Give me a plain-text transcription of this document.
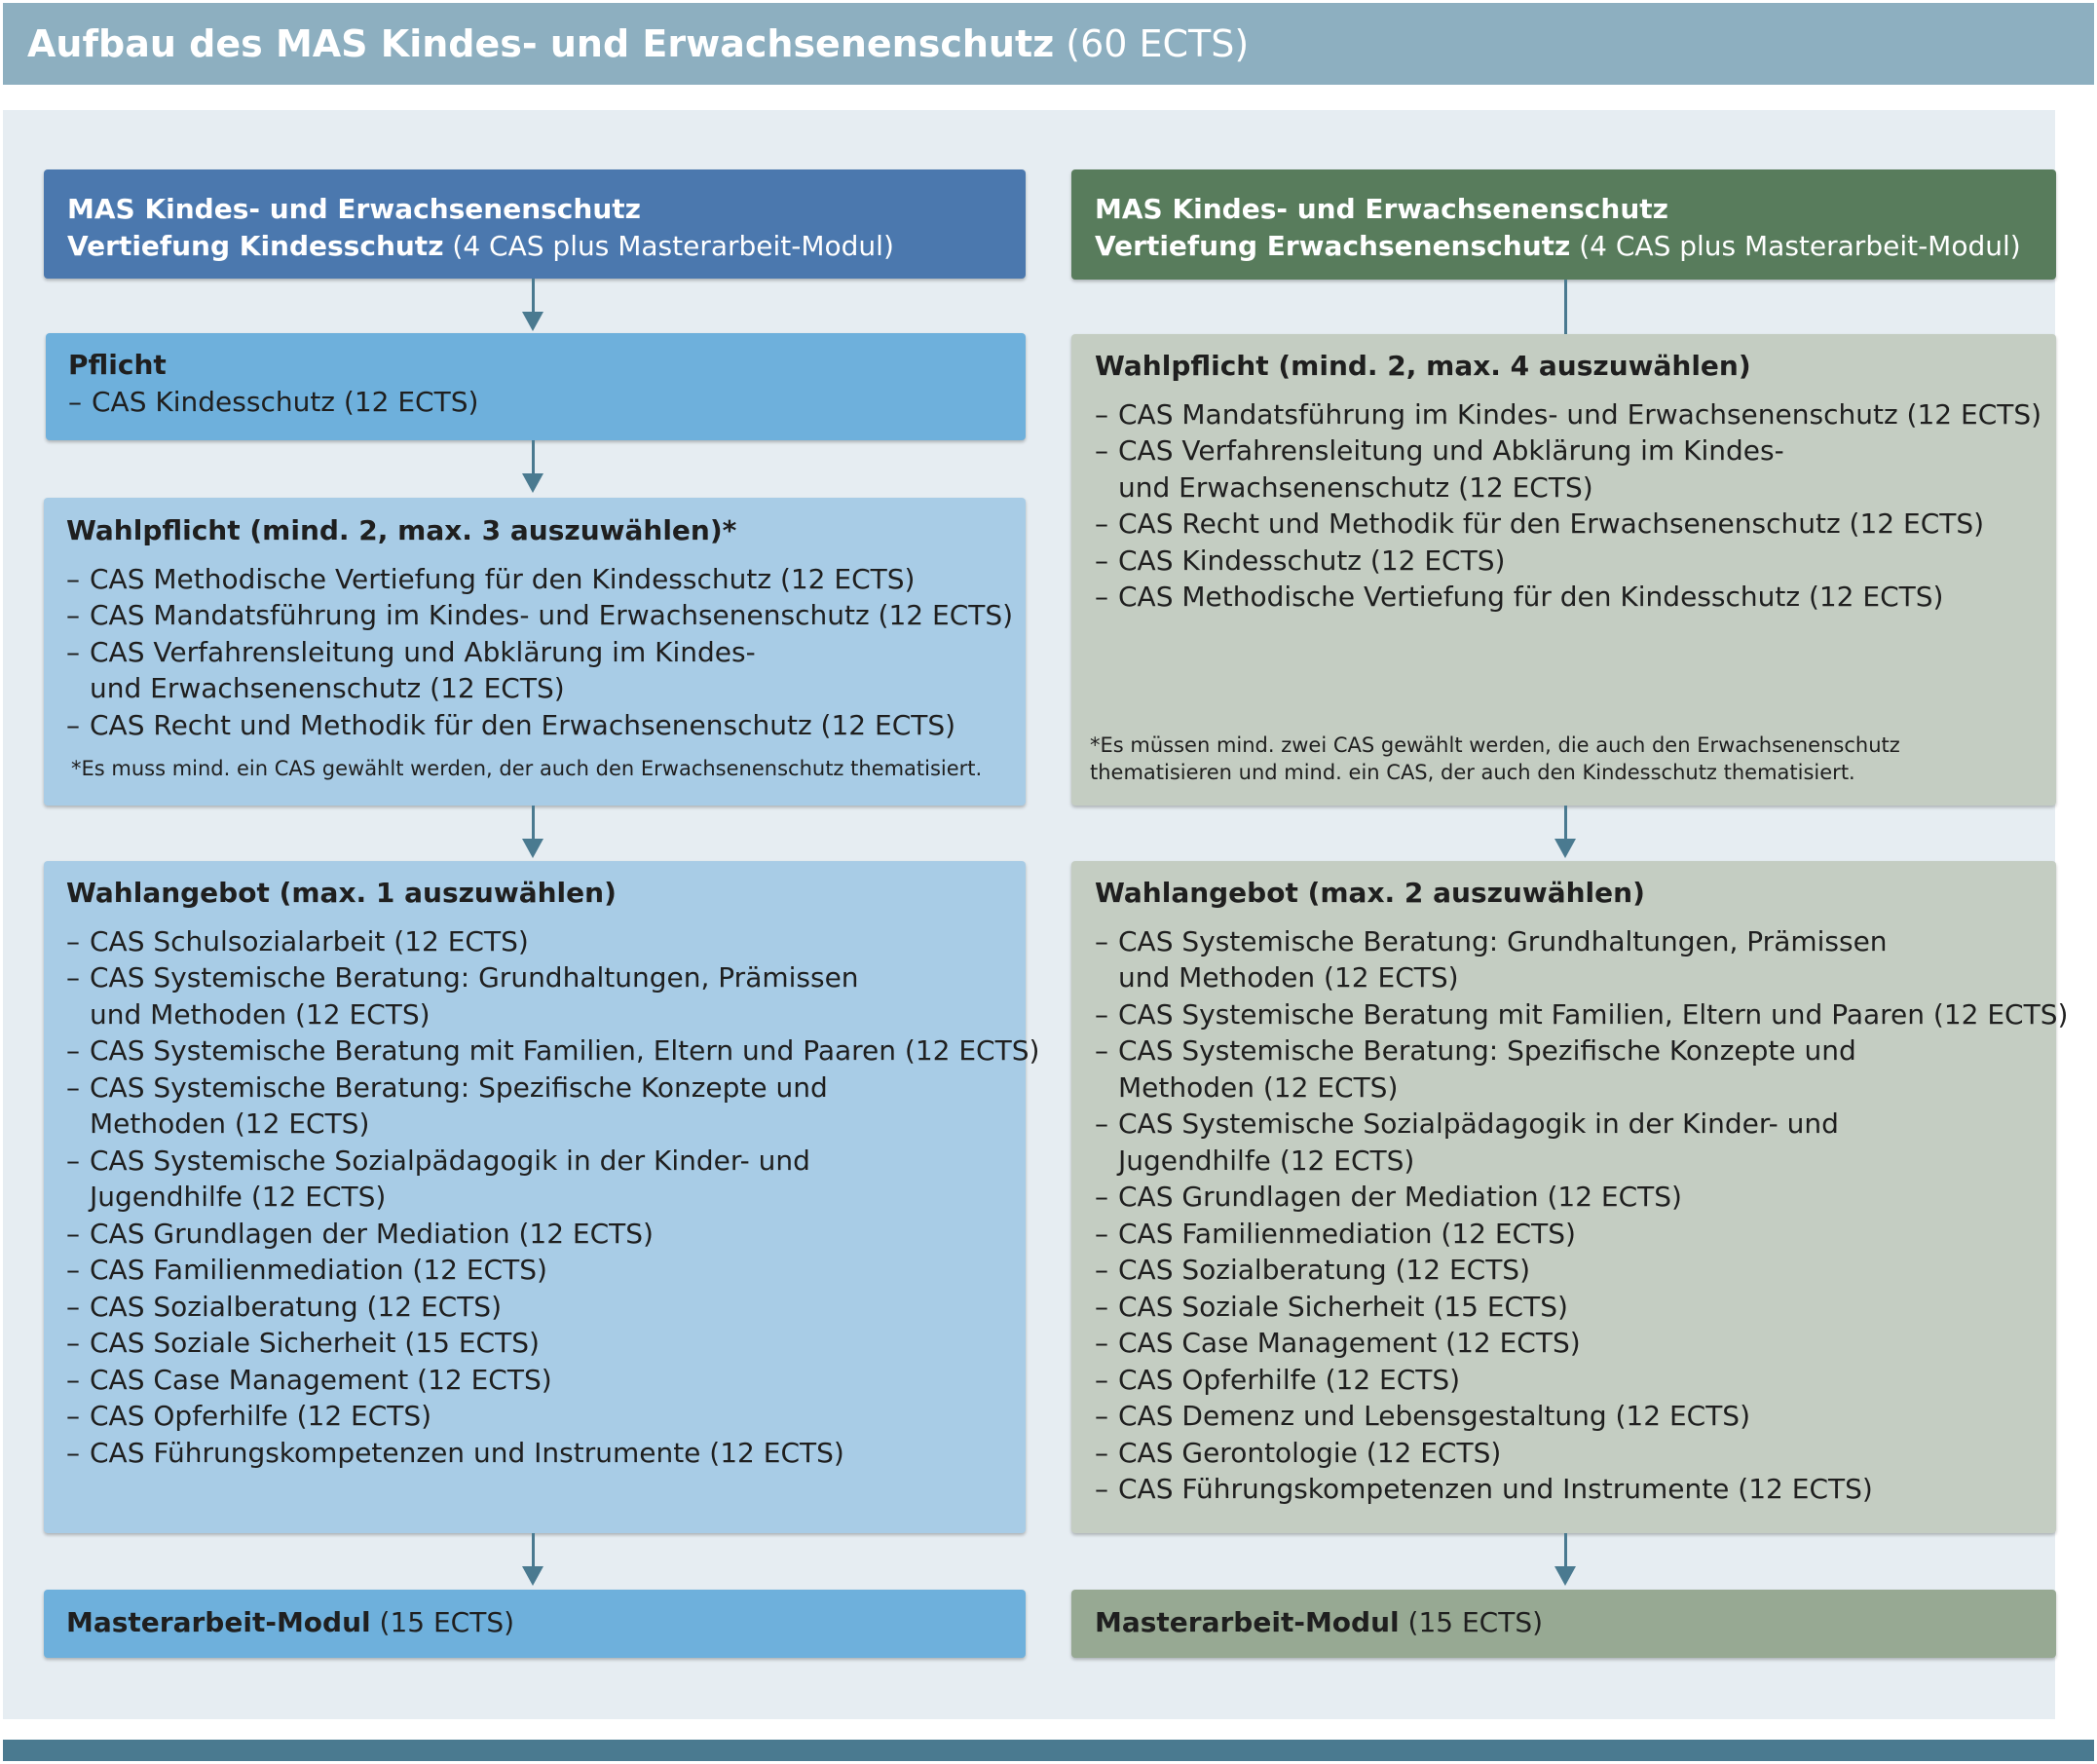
Aufbau des MAS Kindes- und Erwachsenenschutz (60 ECTS)
MAS Kindes- und Erwachsenenschutz
Vertiefung Kindesschutz (4 CAS plus Masterarbeit-Modul)
Pflicht
– CAS Kindesschutz (12 ECTS)
Wahlpflicht (mind. 2, max. 3 auszuwählen)*
– CAS Methodische Vertiefung für den Kindesschutz (12 ECTS)
– CAS Mandatsführung im Kindes- und Erwachsenenschutz (12 ECTS)
– CAS Verfahrensleitung und Abklärung im Kindes- und Erwachsenenschutz (12 ECTS)
– CAS Recht und Methodik für den Erwachsenenschutz (12 ECTS)
*Es muss mind. ein CAS gewählt werden, der auch den Erwachsenenschutz thematisiert.
Wahlangebot (max. 1 auszuwählen)
– CAS Schulsozialarbeit (12 ECTS)
– CAS Systemische Beratung: Grundhaltungen, Prämissen und Methoden (12 ECTS)
– CAS Systemische Beratung mit Familien, Eltern und Paaren (12 ECTS)
– CAS Systemische Beratung: Spezifische Konzepte und Methoden (12 ECTS)
– CAS Systemische Sozialpädagogik in der Kinder- und Jugendhilfe (12 ECTS)
– CAS Grundlagen der Mediation (12 ECTS)
– CAS Familienmediation (12 ECTS)
– CAS Sozialberatung (12 ECTS)
– CAS Soziale Sicherheit (15 ECTS)
– CAS Case Management (12 ECTS)
– CAS Opferhilfe (12 ECTS)
– CAS Führungskompetenzen und Instrumente (12 ECTS)
Masterarbeit-Modul (15 ECTS)
MAS Kindes- und Erwachsenenschutz
Vertiefung Erwachsenenschutz (4 CAS plus Masterarbeit-Modul)
Wahlpflicht (mind. 2, max. 4 auszuwählen)
– CAS Mandatsführung im Kindes- und Erwachsenenschutz (12 ECTS)
– CAS Verfahrensleitung und Abklärung im Kindes- und Erwachsenenschutz (12 ECTS)
– CAS Recht und Methodik für den Erwachsenenschutz (12 ECTS)
– CAS Kindesschutz (12 ECTS)
– CAS Methodische Vertiefung für den Kindesschutz (12 ECTS)
*Es müssen mind. zwei CAS gewählt werden, die auch den Erwachsenenschutz thematisieren und mind. ein CAS, der auch den Kindesschutz thematisiert.
Wahlangebot (max. 2 auszuwählen)
– CAS Systemische Beratung: Grundhaltungen, Prämissen und Methoden (12 ECTS)
– CAS Systemische Beratung mit Familien, Eltern und Paaren (12 ECTS)
– CAS Systemische Beratung: Spezifische Konzepte und Methoden (12 ECTS)
– CAS Systemische Sozialpädagogik in der Kinder- und Jugendhilfe (12 ECTS)
– CAS Grundlagen der Mediation (12 ECTS)
– CAS Familienmediation (12 ECTS)
– CAS Sozialberatung (12 ECTS)
– CAS Soziale Sicherheit (15 ECTS)
– CAS Case Management (12 ECTS)
– CAS Opferhilfe (12 ECTS)
– CAS Demenz und Lebensgestaltung (12 ECTS)
– CAS Gerontologie (12 ECTS)
– CAS Führungskompetenzen und Instrumente (12 ECTS)
Masterarbeit-Modul (15 ECTS)
